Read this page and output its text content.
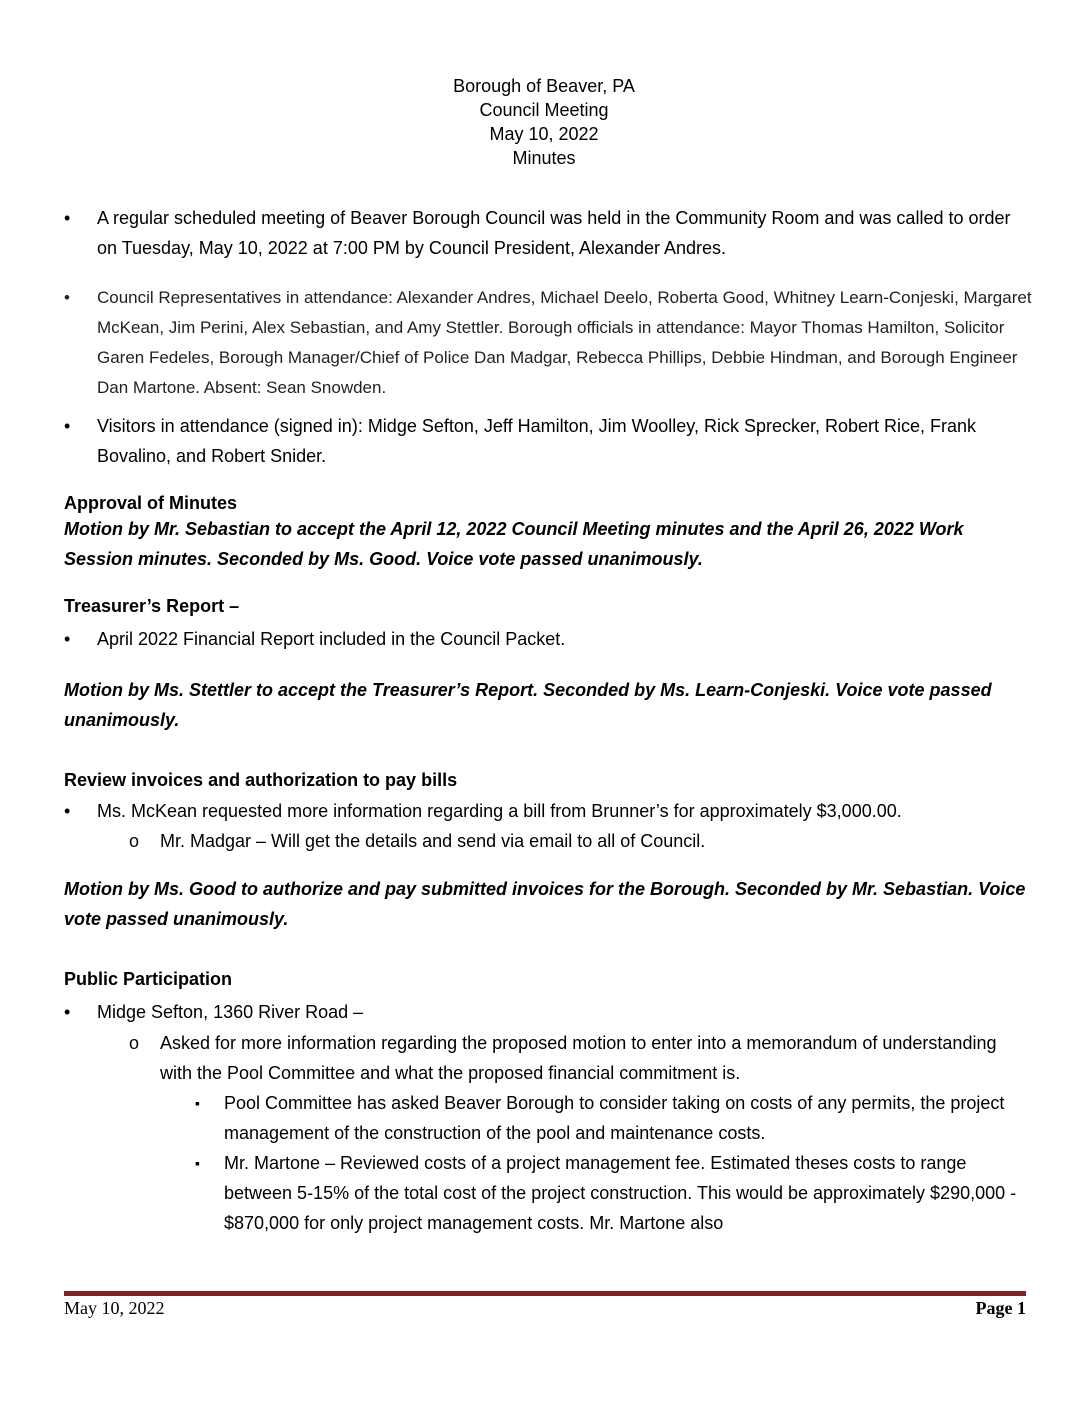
Borough of Beaver, PA
Council Meeting
May 10, 2022
Minutes
•	A regular scheduled meeting of Beaver Borough Council was held in the Community Room and was called to order on Tuesday, May 10, 2022 at 7:00 PM by Council President, Alexander Andres.
•	Council Representatives in attendance: Alexander Andres, Michael Deelo, Roberta Good, Whitney Learn-Conjeski, Margaret McKean, Jim Perini, Alex Sebastian, and Amy Stettler. Borough officials in attendance: Mayor Thomas Hamilton, Solicitor Garen Fedeles, Borough Manager/Chief of Police Dan Madgar, Rebecca Phillips, Debbie Hindman, and Borough Engineer Dan Martone. Absent: Sean Snowden.
•	Visitors in attendance (signed in): Midge Sefton, Jeff Hamilton, Jim Woolley, Rick Sprecker, Robert Rice, Frank Bovalino, and Robert Snider.
Approval of Minutes
Motion by Mr. Sebastian to accept the April 12, 2022 Council Meeting minutes and the April 26, 2022 Work Session minutes. Seconded by Ms. Good. Voice vote passed unanimously.
Treasurer’s Report –
•	April 2022 Financial Report included in the Council Packet.
Motion by Ms. Stettler to accept the Treasurer’s Report. Seconded by Ms. Learn-Conjeski. Voice vote passed unanimously.
Review invoices and authorization to pay bills
•	Ms. McKean requested more information regarding a bill from Brunner’s for approximately $3,000.00.
o Mr. Madgar – Will get the details and send via email to all of Council.
Motion by Ms. Good to authorize and pay submitted invoices for the Borough. Seconded by Mr. Sebastian. Voice vote passed unanimously.
Public Participation
•	Midge Sefton, 1360 River Road –
o Asked for more information regarding the proposed motion to enter into a memorandum of understanding with the Pool Committee and what the proposed financial commitment is.
▪ Pool Committee has asked Beaver Borough to consider taking on costs of any permits, the project management of the construction of the pool and maintenance costs.
▪ Mr. Martone – Reviewed costs of a project management fee. Estimated theses costs to range between 5-15% of the total cost of the project construction. This would be approximately $290,000 - $870,000 for only project management costs. Mr. Martone also
May 10, 2022	Page 1
